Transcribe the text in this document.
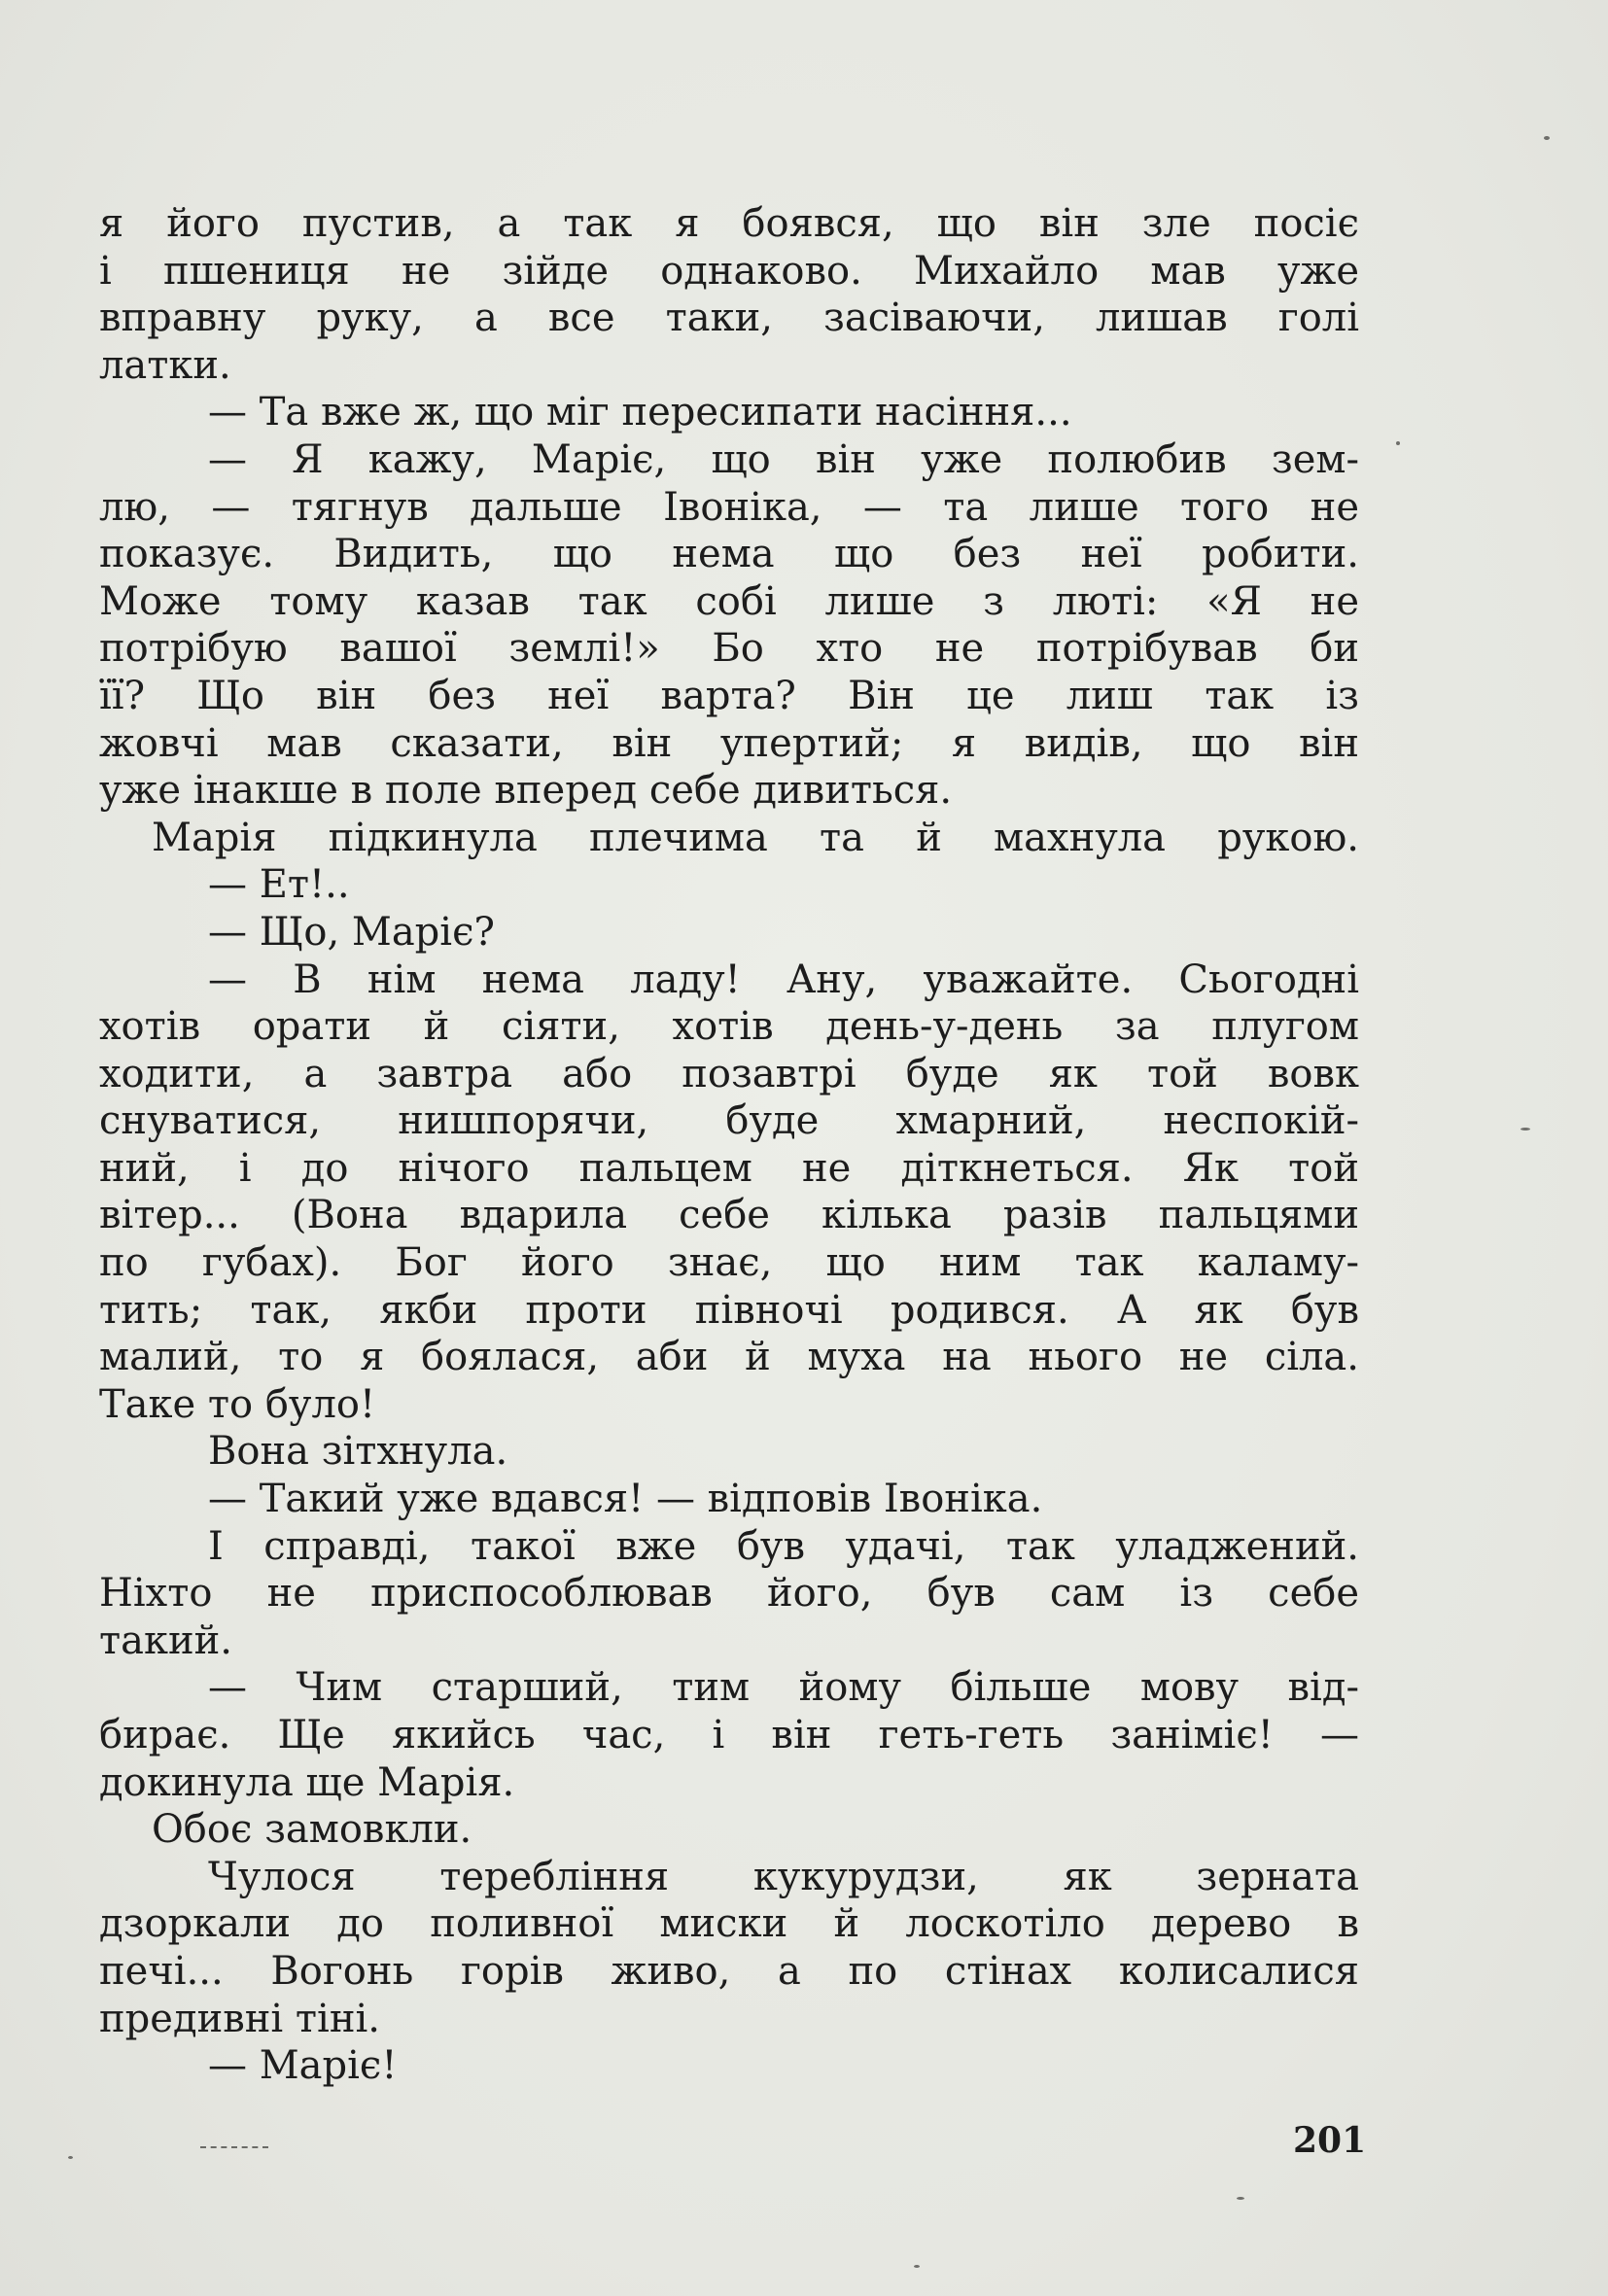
я його пустив, а так я боявся, що він зле посіє
і пшениця не зійде однаково. Михайло мав уже
вправну руку, а все таки, засіваючи, лишав голі
латки.
— Та вже ж, що міг пересипати насіння...
— Я кажу, Маріє, що він уже полюбив зем-
лю, — тягнув дальше Івоніка, — та лише того не
показує. Видить, що нема що без неї робити.
Може тому казав так собі лише з люті: «Я не
потрібую вашої землі!» Бо хто не потрібував би
її? Що він без неї варта? Він це лиш так із
жовчі мав сказати, він упертий; я видів, що він
уже інакше в поле вперед себе дивиться.
Марія підкинула плечима та й махнула рукою.
— Ет!..
— Що, Маріє?
— В нім нема ладу! Ану, уважайте. Сьогодні
хотів орати й сіяти, хотів день-у-день за плугом
ходити, а завтра або позавтрі буде як той вовк
снуватися, нишпорячи, буде хмарний, неспокій-
ний, і до нічого пальцем не діткнеться. Як той
вітер... (Вона вдарила себе кілька разів пальцями
по губах). Бог його знає, що ним так каламу-
тить; так, якби проти півночі родився. А як був
малий, то я боялася, аби й муха на нього не сіла.
Таке то було!
Вона зітхнула.
— Такий уже вдався! — відповів Івоніка.
І справді, такої вже був удачі, так уладжений.
Ніхто не приспособлював його, був сам із себе
такий.
— Чим старший, тим йому більше мову від-
бирає. Ще якийсь час, і він геть-геть заніміє! —
докинула ще Марія.
Обоє замовкли.
Чулося теребління кукурудзи, як зерната
дзоркали до поливної миски й лоскотіло дерево в
печі... Вогонь горів живо, а по стінах колисалися
предивні тіні.
— Маріє!
201
